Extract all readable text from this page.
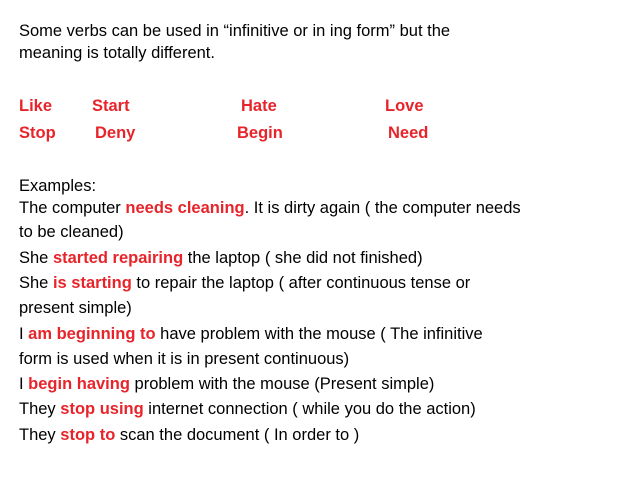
Some verbs can be used in “infinitive or in ing form” but the
meaning is totally different.
Like Start	Hate	Love
Stop Deny	Begin	Need
Examples:
The computer needs cleaning. It is dirty again ( the computer needs
to be cleaned)
She started repairing the laptop ( she did not finished)
She is starting to repair the laptop ( after continuous tense or
present simple)
I am beginning to have problem with the mouse ( The infinitive
form is used when it is in present continuous)
I begin having problem with the mouse (Present simple)
They stop using internet connection ( while you do the action)
They stop to scan the document ( In order to )
